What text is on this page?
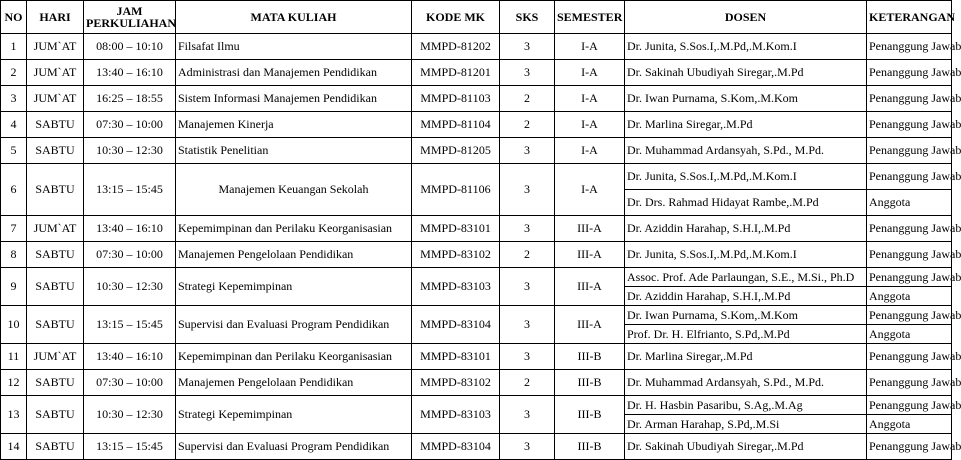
NO	HARI	JAM PERKULIAHAN	MATA KULIAH	KODE MK	SKS	SEMESTER	DOSEN	KETERANGAN
1	JUM`AT	08:00 – 10:10	Filsafat Ilmu	MMPD-81202	3	I-A	Dr. Junita, S.Sos.I,.M.Pd,.M.Kom.I	Penanggung Jawab
2	JUM`AT	13:40 – 16:10	Administrasi dan Manajemen Pendidikan	MMPD-81201	3	I-A	Dr. Sakinah Ubudiyah Siregar,.M.Pd	Penanggung Jawab
3	JUM`AT	16:25 – 18:55	Sistem Informasi Manajemen Pendidikan	MMPD-81103	2	I-A	Dr. Iwan Purnama, S.Kom,.M.Kom	Penanggung Jawab
4	SABTU	07:30 – 10:00	Manajemen Kinerja	MMPD-81104	2	I-A	Dr. Marlina Siregar,.M.Pd	Penanggung Jawab
5	SABTU	10:30 – 12:30	Statistik Penelitian	MMPD-81205	3	I-A	Dr. Muhammad Ardansyah, S.Pd., M.Pd.	Penanggung Jawab
6	SABTU	13:15 – 15:45	Manajemen Keuangan Sekolah	MMPD-81106	3	I-A	Dr. Junita, S.Sos.I,.M.Pd,.M.Kom.I	Penanggung Jawab
							Dr. Drs. Rahmad Hidayat Rambe,.M.Pd	Anggota
7	JUM`AT	13:40 – 16:10	Kepemimpinan dan Perilaku Keorganisasian	MMPD-83101	3	III-A	Dr. Aziddin Harahap, S.H.I,.M.Pd	Penanggung Jawab
8	SABTU	07:30 – 10:00	Manajemen Pengelolaan Pendidikan	MMPD-83102	2	III-A	Dr. Junita, S.Sos.I,.M.Pd,.M.Kom.I	Penanggung Jawab
9	SABTU	10:30 – 12:30	Strategi Kepemimpinan	MMPD-83103	3	III-A	Assoc. Prof. Ade Parlaungan, S.E., M.Si., Ph.D	Penanggung Jawab
							Dr. Aziddin Harahap, S.H.I,.M.Pd	Anggota
10	SABTU	13:15 – 15:45	Supervisi dan Evaluasi Program Pendidikan	MMPD-83104	3	III-A	Dr. Iwan Purnama, S.Kom,.M.Kom	Penanggung Jawab
							Prof. Dr. H. Elfrianto, S.Pd,.M.Pd	Anggota
11	JUM`AT	13:40 – 16:10	Kepemimpinan dan Perilaku Keorganisasian	MMPD-83101	3	III-B	Dr. Marlina Siregar,.M.Pd	Penanggung Jawab
12	SABTU	07:30 – 10:00	Manajemen Pengelolaan Pendidikan	MMPD-83102	2	III-B	Dr. Muhammad Ardansyah, S.Pd., M.Pd.	Penanggung Jawab
13	SABTU	10:30 – 12:30	Strategi Kepemimpinan	MMPD-83103	3	III-B	Dr. H. Hasbin Pasaribu, S.Ag,.M.Ag	Penanggung Jawab
							Dr. Arman Harahap, S.Pd,.M.Si	Anggota
14	SABTU	13:15 – 15:45	Supervisi dan Evaluasi Program Pendidikan	MMPD-83104	3	III-B	Dr. Sakinah Ubudiyah Siregar,.M.Pd	Penanggung Jawab
